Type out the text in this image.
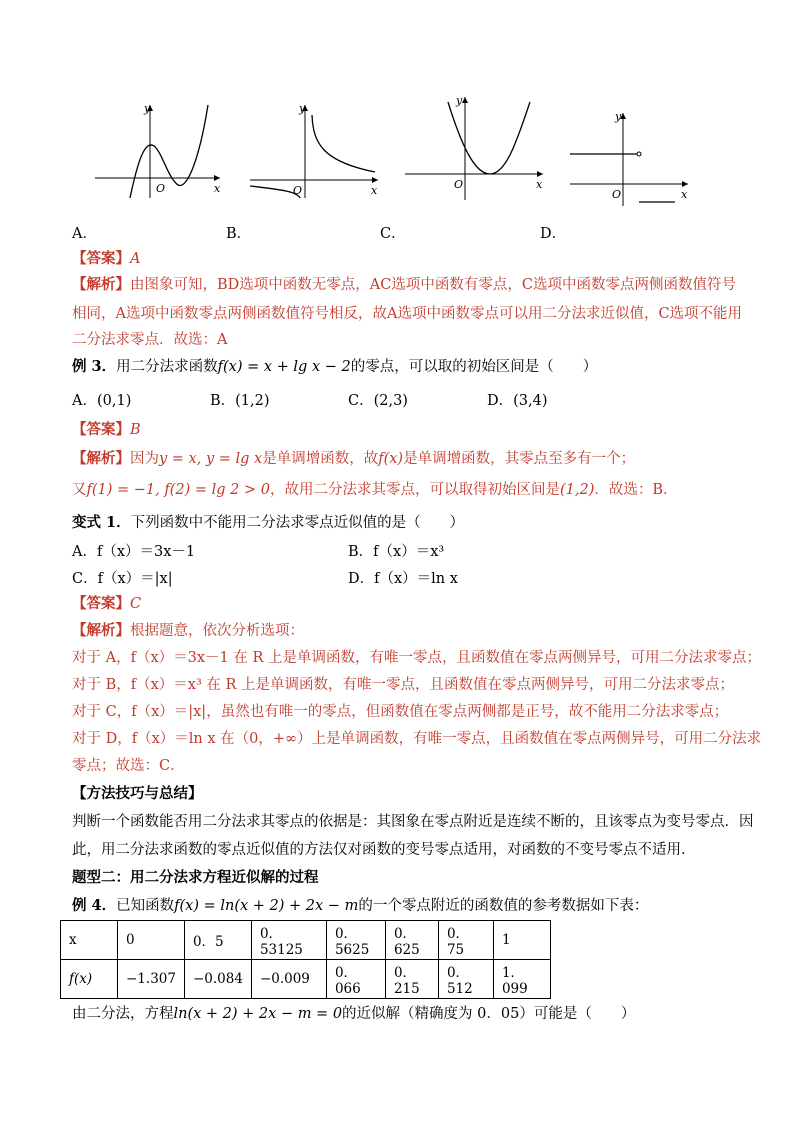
y
x
O
A．
y
x
O
B．
y
x
O
C．
y
x
O
D．
【答案】A
【解析】由图象可知，BD选项中函数无零点，AC选项中函数有零点，C选项中函数零点两侧函数值符号
相同，A选项中函数零点两侧函数值符号相反，故A选项中函数零点可以用二分法求近似值，C选项不能用
二分法求零点．故选：A
例 3．用二分法求函数f(x) = x + lg x − 2的零点，可以取的初始区间是（　　）
A．(0,1)	B．(1,2)	C．(2,3)	D．(3,4)
【答案】B
【解析】因为y = x, y = lg x是单调增函数，故f(x)是单调增函数，其零点至多有一个；
又f(1) = −1, f(2) = lg 2 > 0，故用二分法求其零点，可以取得初始区间是(1,2)．故选：B．
变式 1．下列函数中不能用二分法求零点近似值的是（　　）
A．f（x）＝3x－1	B．f（x）＝x³
C．f（x）＝|x|	D．f（x）＝ln x
【答案】C
【解析】根据题意，依次分析选项：
对于 A，f（x）＝3x－1 在 R 上是单调函数，有唯一零点，且函数值在零点两侧异号，可用二分法求零点；
对于 B，f（x）＝x³ 在 R 上是单调函数，有唯一零点，且函数值在零点两侧异号，可用二分法求零点；
对于 C，f（x）＝|x|，虽然也有唯一的零点，但函数值在零点两侧都是正号，故不能用二分法求零点；
对于 D，f（x）＝ln x 在（0，+∞）上是单调函数，有唯一零点，且函数值在零点两侧异号，可用二分法求
零点；故选：C．
【方法技巧与总结】
判断一个函数能否用二分法求其零点的依据是：其图象在零点附近是连续不断的，且该零点为变号零点．因
此，用二分法求函数的零点近似值的方法仅对函数的变号零点适用，对函数的不变号零点不适用．
题型二：用二分法求方程近似解的过程
例 4．已知函数f(x) = ln(x + 2) + 2x − m的一个零点附近的函数值的参考数据如下表：
x	0	0．5	0．53125	0．5625	0．625	0．75	1
f(x)	−1.307	−0.084	−0.009	0．066	0．215	0．512	1．099
由二分法，方程ln(x + 2) + 2x − m = 0的近似解（精确度为 0．05）可能是（　　）
